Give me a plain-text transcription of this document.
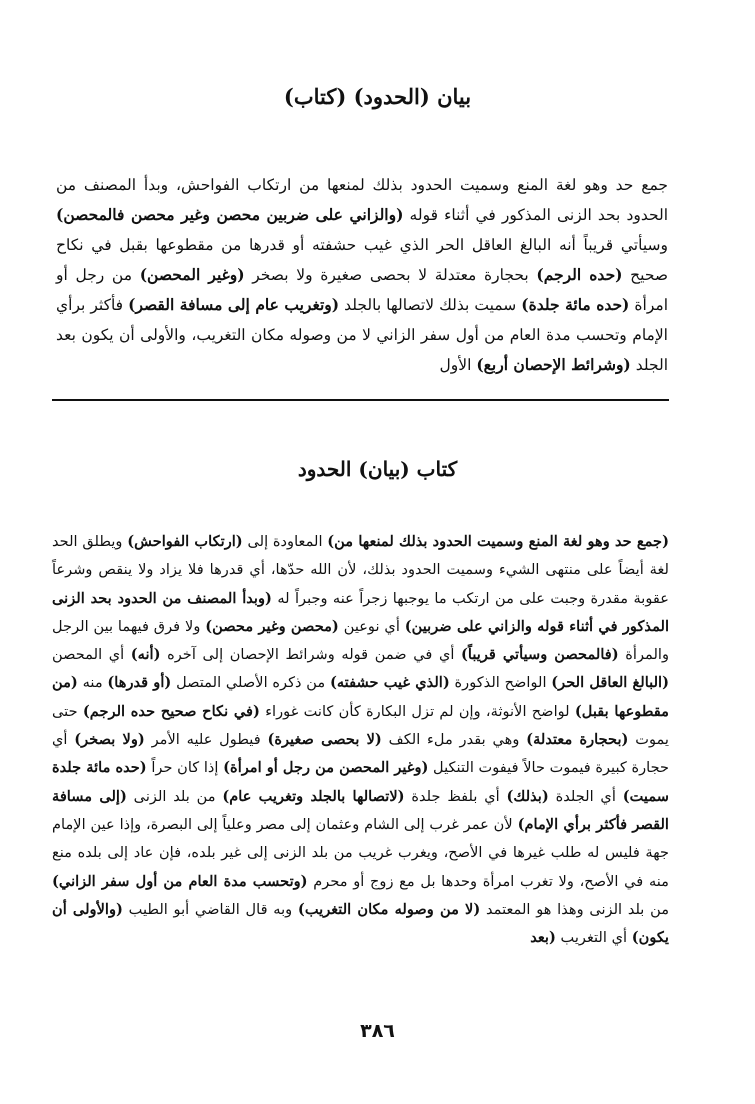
(كتاب) بيان (الحدود)

جمع حد وهو لغة المنع وسميت الحدود بذلك لمنعها من ارتكاب الفواحش، وبدأ المصنف من الحدود بحد الزنى المذكور في أثناء قوله (والزاني على ضربين محصن وغير محصن فالمحصن) وسيأتي قريباً أنه البالغ العاقل الحر الذي غيب حشفته أو قدرها من مقطوعها بقبل في نكاح صحيح (حده الرجم) بحجارة معتدلة لا بحصى صغيرة ولا بصخر (وغير المحصن) من رجل أو امرأة (حده مائة جلدة) سميت بذلك لاتصالها بالجلد (وتغريب عام إلى مسافة القصر) فأكثر برأي الإمام وتحسب مدة العام من أول سفر الزاني لا من وصوله مكان التغريب، والأولى أن يكون بعد الجلد (وشرائط الإحصان أربع) الأول

كتاب (بيان) الحدود

(جمع حد وهو لغة المنع وسميت الحدود بذلك لمنعها من) المعاودة إلى (ارتكاب الفواحش) ويطلق الحد لغة أيضاً على منتهى الشيء وسميت الحدود بذلك، لأن الله حدّها، أي قدرها فلا يزاد ولا ينقص وشرعاً عقوبة مقدرة وجبت على من ارتكب ما يوجبها زجراً عنه وجبراً له (وبدأ المصنف من الحدود بحد الزنى المذكور في أثناء قوله والزاني على ضربين) أي نوعين (محصن وغير محصن) ولا فرق فيهما بين الرجل والمرأة (فالمحصن وسيأتي قريباً) أي في ضمن قوله وشرائط الإحصان إلى آخره (أنه) أي المحصن (البالغ العاقل الحر) الواضح الذكورة (الذي غيب حشفته) من ذكره الأصلي المتصل (أو قدرها) منه (من مقطوعها بقبل) لواضح الأنوثة، وإن لم تزل البكارة كأن كانت غوراء (في نكاح صحيح حده الرجم) حتى يموت (بحجارة معتدلة) وهي بقدر ملء الكف (لا بحصى صغيرة) فيطول عليه الأمر (ولا بصخر) أي حجارة كبيرة فيموت حالاً فيفوت التنكيل (وغير المحصن من رجل أو امرأة) إذا كان حراً (حده مائة جلدة سميت) أي الجلدة (بذلك) أي بلفظ جلدة (لاتصالها بالجلد وتغريب عام) من بلد الزنى (إلى مسافة القصر فأكثر برأي الإمام) لأن عمر غرب إلى الشام وعثمان إلى مصر وعلياً إلى البصرة، وإذا عين الإمام جهة فليس له طلب غيرها في الأصح، ويغرب غريب من بلد الزنى إلى غير بلده، فإن عاد إلى بلده منع منه في الأصح، ولا تغرب امرأة وحدها بل مع زوج أو محرم (وتحسب مدة العام من أول سفر الزاني) من بلد الزنى وهذا هو المعتمد (لا من وصوله مكان التغريب) وبه قال القاضي أبو الطيب (والأولى أن يكون) أي التغريب (بعد

٣٨٦
